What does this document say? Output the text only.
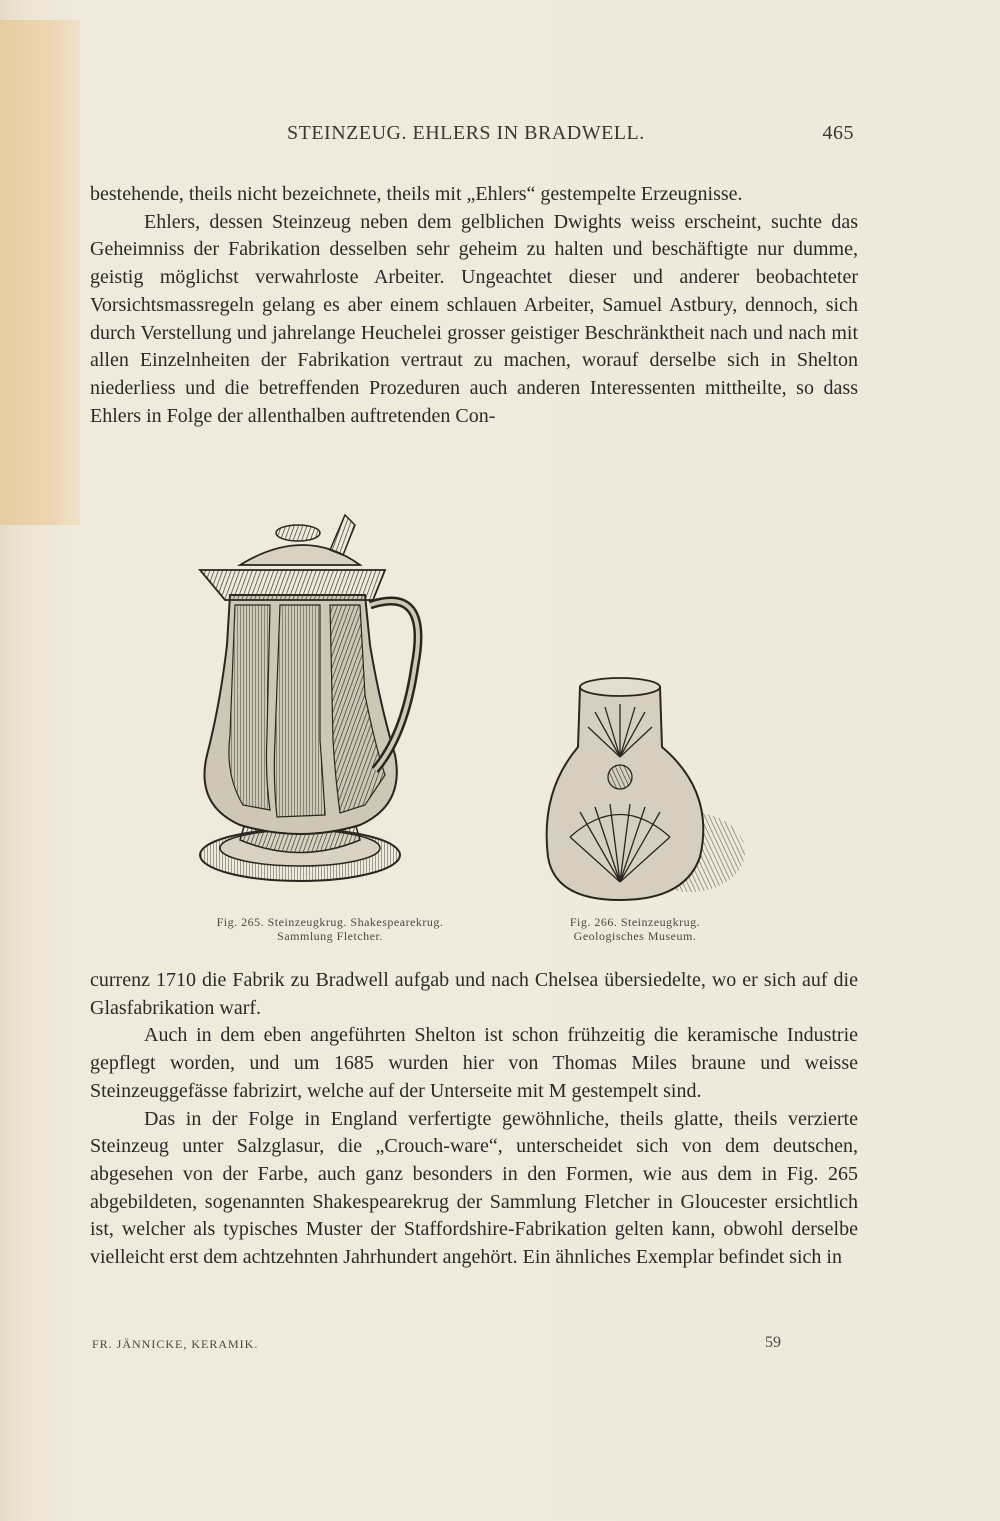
STEINZEUG. EHLERS IN BRADWELL.	465

bestehende, theils nicht bezeichnete, theils mit „Ehlers“ gestempelte Erzeugnisse.

Ehlers, dessen Steinzeug neben dem gelblichen Dwights weiss erscheint, suchte das Geheimniss der Fabrikation desselben sehr geheim zu halten und beschäftigte nur dumme, geistig möglichst verwahrloste Arbeiter. Ungeachtet dieser und anderer beobachteter Vorsichtsmassregeln gelang es aber einem schlauen Arbeiter, Samuel Astbury, dennoch, sich durch Verstellung und jahrelange Heuchelei grosser geistiger Beschränktheit nach und nach mit allen Einzelnheiten der Fabrikation vertraut zu machen, worauf derselbe sich in Shelton niederliess und die betreffenden Prozeduren auch anderen Interessenten mittheilte, so dass Ehlers in Folge der allenthalben auftretenden Con-

Fig. 265. Steinzeugkrug. Shakespearekrug.
Sammlung Fletcher.
Fig. 266. Steinzeugkrug.
Geologisches Museum.

currenz 1710 die Fabrik zu Bradwell aufgab und nach Chelsea übersiedelte, wo er sich auf die Glasfabrikation warf.

Auch in dem eben angeführten Shelton ist schon frühzeitig die keramische Industrie gepflegt worden, und um 1685 wurden hier von Thomas Miles braune und weisse Steinzeuggefässe fabrizirt, welche auf der Unterseite mit M gestempelt sind.

Das in der Folge in England verfertigte gewöhnliche, theils glatte, theils verzierte Steinzeug unter Salzglasur, die „Crouch-ware“, unterscheidet sich von dem deutschen, abgesehen von der Farbe, auch ganz besonders in den Formen, wie aus dem in Fig. 265 abgebildeten, sogenannten Shakespearekrug der Sammlung Fletcher in Gloucester ersichtlich ist, welcher als typisches Muster der Staffordshire-Fabrikation gelten kann, obwohl derselbe vielleicht erst dem achtzehnten Jahrhundert angehört. Ein ähnliches Exemplar befindet sich in

FR. JÄNNICKE, KERAMIK.	59
